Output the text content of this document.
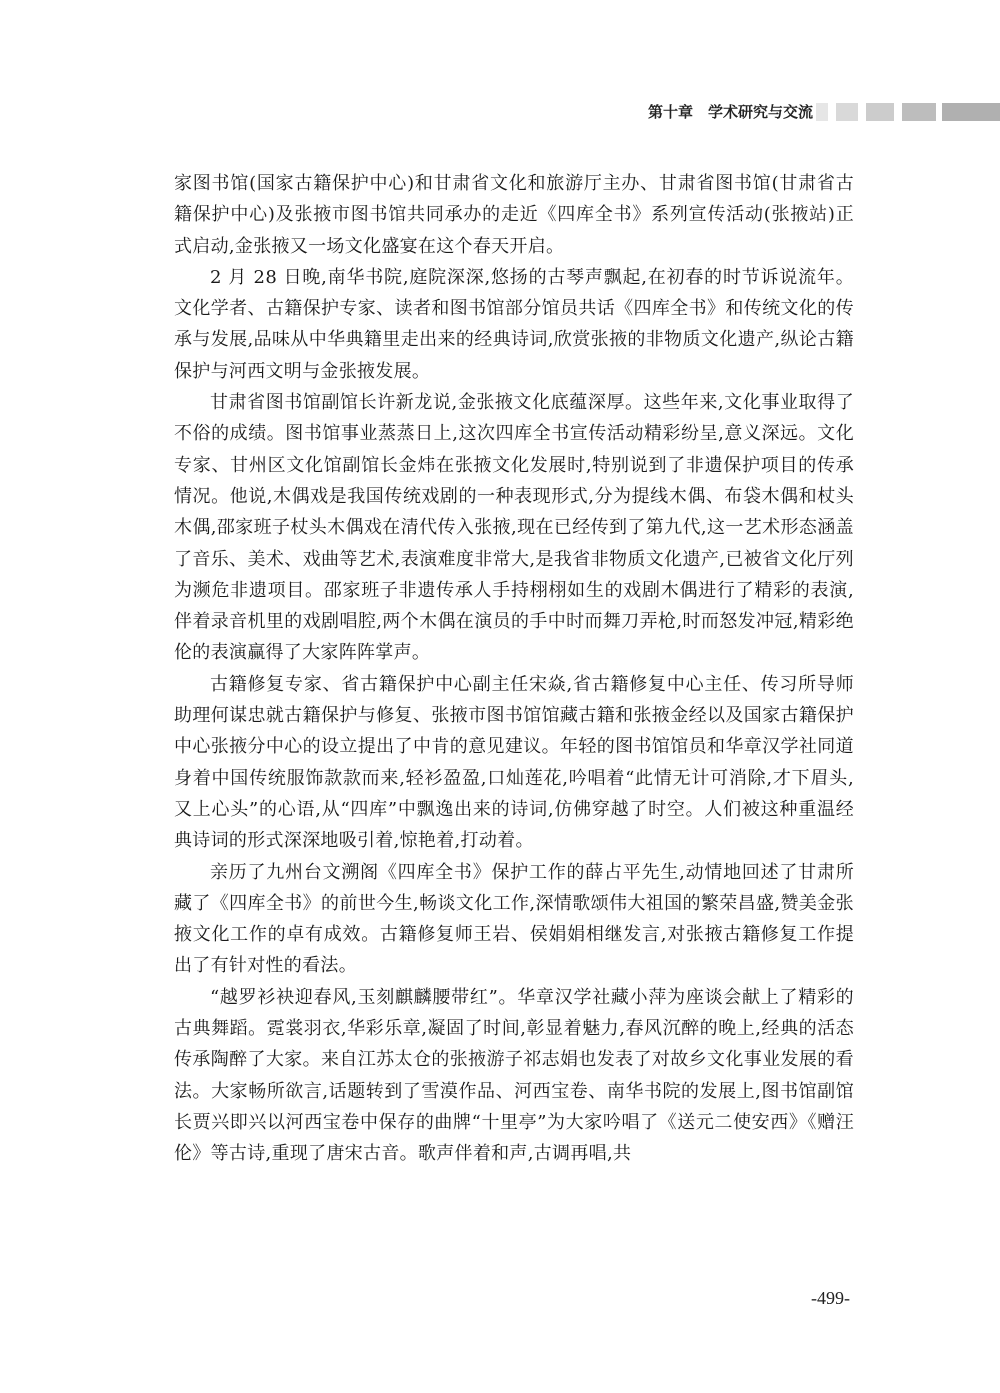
第十章　学术研究与交流

家图书馆(国家古籍保护中心)和甘肃省文化和旅游厅主办、甘肃省图书馆(甘肃省古籍保护中心)及张掖市图书馆共同承办的走近《四库全书》系列宣传活动(张掖站)正式启动,金张掖又一场文化盛宴在这个春天开启。

2 月 28 日晚,南华书院,庭院深深,悠扬的古琴声飘起,在初春的时节诉说流年。文化学者、古籍保护专家、读者和图书馆部分馆员共话《四库全书》和传统文化的传承与发展,品味从中华典籍里走出来的经典诗词,欣赏张掖的非物质文化遗产,纵论古籍保护与河西文明与金张掖发展。

甘肃省图书馆副馆长许新龙说,金张掖文化底蕴深厚。这些年来,文化事业取得了不俗的成绩。图书馆事业蒸蒸日上,这次四库全书宣传活动精彩纷呈,意义深远。文化专家、甘州区文化馆副馆长金炜在张掖文化发展时,特别说到了非遗保护项目的传承情况。他说,木偶戏是我国传统戏剧的一种表现形式,分为提线木偶、布袋木偶和杖头木偶,邵家班子杖头木偶戏在清代传入张掖,现在已经传到了第九代,这一艺术形态涵盖了音乐、美术、戏曲等艺术,表演难度非常大,是我省非物质文化遗产,已被省文化厅列为濒危非遗项目。邵家班子非遗传承人手持栩栩如生的戏剧木偶进行了精彩的表演,伴着录音机里的戏剧唱腔,两个木偶在演员的手中时而舞刀弄枪,时而怒发冲冠,精彩绝伦的表演赢得了大家阵阵掌声。

古籍修复专家、省古籍保护中心副主任宋焱,省古籍修复中心主任、传习所导师助理何谋忠就古籍保护与修复、张掖市图书馆馆藏古籍和张掖金经以及国家古籍保护中心张掖分中心的设立提出了中肯的意见建议。年轻的图书馆馆员和华章汉学社同道身着中国传统服饰款款而来,轻衫盈盈,口灿莲花,吟唱着“此情无计可消除,才下眉头,又上心头”的心语,从“四库”中飘逸出来的诗词,仿佛穿越了时空。人们被这种重温经典诗词的形式深深地吸引着,惊艳着,打动着。

亲历了九州台文溯阁《四库全书》保护工作的薛占平先生,动情地回述了甘肃所藏了《四库全书》的前世今生,畅谈文化工作,深情歌颂伟大祖国的繁荣昌盛,赞美金张掖文化工作的卓有成效。古籍修复师王岩、侯娟娟相继发言,对张掖古籍修复工作提出了有针对性的看法。

“越罗衫袂迎春风,玉刻麒麟腰带红”。华章汉学社藏小萍为座谈会献上了精彩的古典舞蹈。霓裳羽衣,华彩乐章,凝固了时间,彰显着魅力,春风沉醉的晚上,经典的活态传承陶醉了大家。来自江苏太仓的张掖游子祁志娟也发表了对故乡文化事业发展的看法。大家畅所欲言,话题转到了雪漠作品、河西宝卷、南华书院的发展上,图书馆副馆长贾兴即兴以河西宝卷中保存的曲牌“十里亭”为大家吟唱了《送元二使安西》《赠汪伦》等古诗,重现了唐宋古音。歌声伴着和声,古调再唱,共

-499-
